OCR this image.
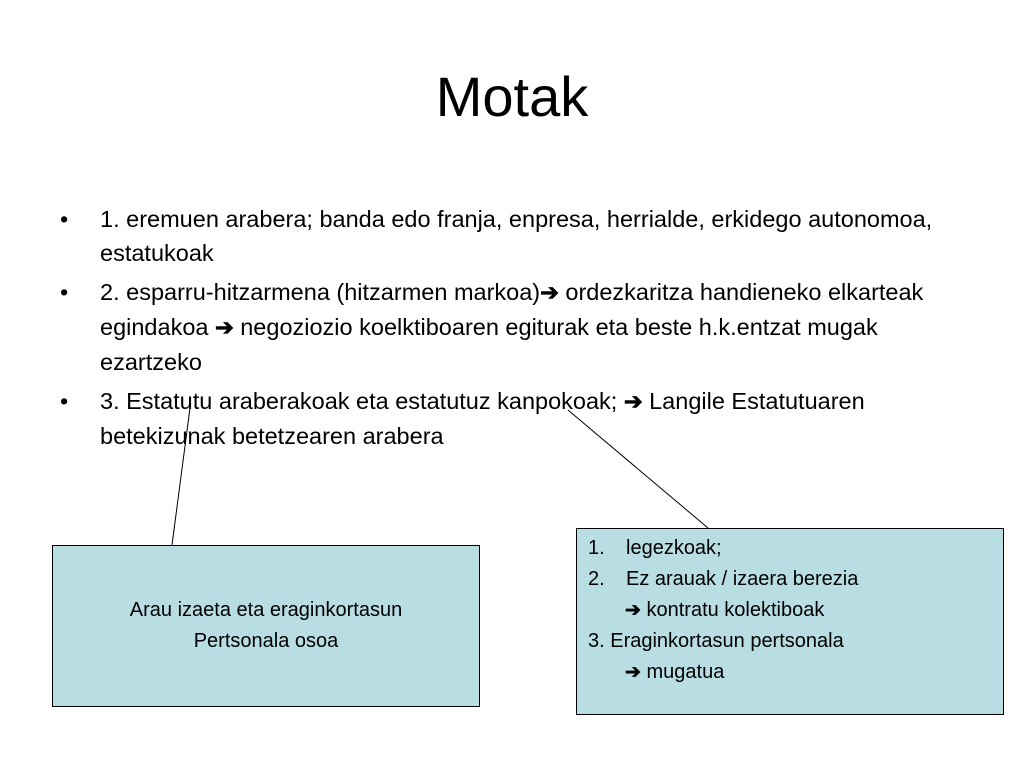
Motak
• 1. eremuen arabera; banda edo franja, enpresa, herrialde, erkidego autonomoa, estatukoak
• 2. esparru-hitzarmena (hitzarmen markoa)➔ ordezkaritza handieneko elkarteak egindakoa ➔ negoziozio koelktiboaren egiturak eta beste h.k.entzat mugak ezartzeko
• 3. Estatutu araberakoak eta estatutuz kanpokoak; ➔ Langile Estatutuaren betekizunak betetzearen arabera
Arau izaeta eta eraginkortasun
Pertsonala osoa
1.	legezkoak;
2.	Ez arauak / izaera berezia
➔ kontratu kolektiboak
3. Eraginkortasun pertsonala
➔ mugatua
